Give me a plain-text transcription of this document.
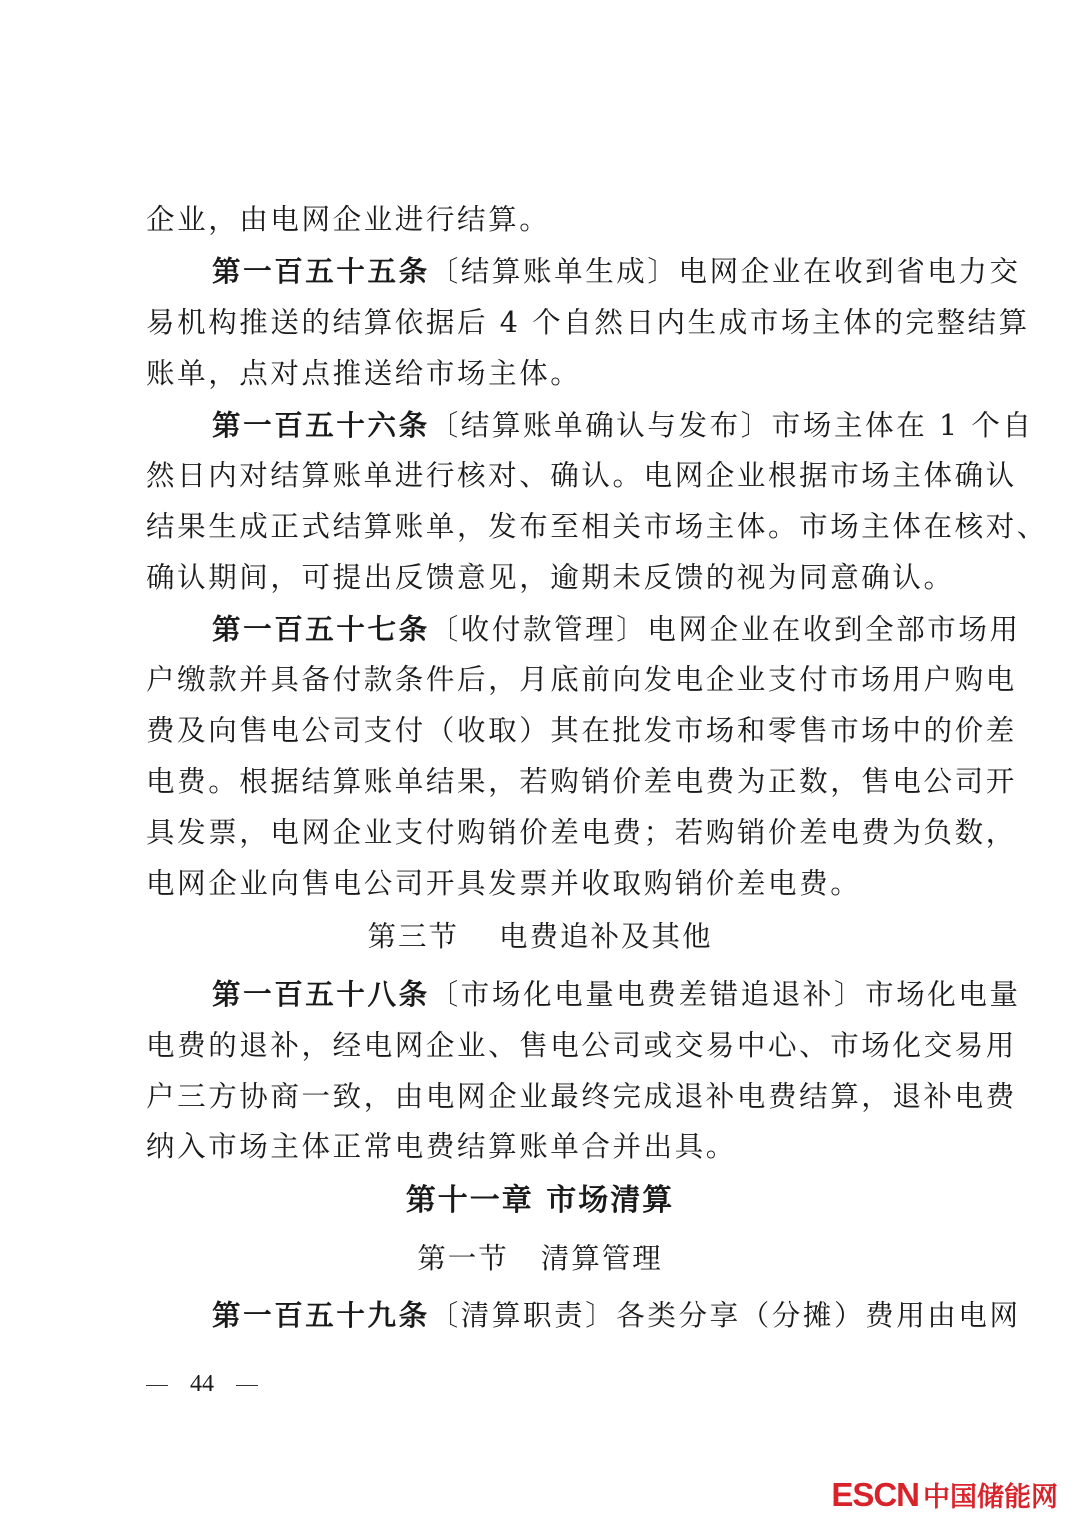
企业，由电网企业进行结算。
第一百五十五条〔结算账单生成〕电网企业在收到省电力交
易机构推送的结算依据后 4 个自然日内生成市场主体的完整结算
账单，点对点推送给市场主体。
第一百五十六条〔结算账单确认与发布〕市场主体在 1 个自
然日内对结算账单进行核对、确认。电网企业根据市场主体确认
结果生成正式结算账单，发布至相关市场主体。市场主体在核对、
确认期间，可提出反馈意见，逾期未反馈的视为同意确认。
第一百五十七条〔收付款管理〕电网企业在收到全部市场用
户缴款并具备付款条件后，月底前向发电企业支付市场用户购电
费及向售电公司支付（收取）其在批发市场和零售市场中的价差
电费。根据结算账单结果，若购销价差电费为正数，售电公司开
具发票，电网企业支付购销价差电费；若购销价差电费为负数，
电网企业向售电公司开具发票并收取购销价差电费。
第三节 电费追补及其他
第一百五十八条〔市场化电量电费差错追退补〕市场化电量
电费的退补，经电网企业、售电公司或交易中心、市场化交易用
户三方协商一致，由电网企业最终完成退补电费结算，退补电费
纳入市场主体正常电费结算账单合并出具。
第十一章 市场清算
第一节 清算管理
第一百五十九条〔清算职责〕各类分享（分摊）费用由电网
44
ESCN 中国储能网
